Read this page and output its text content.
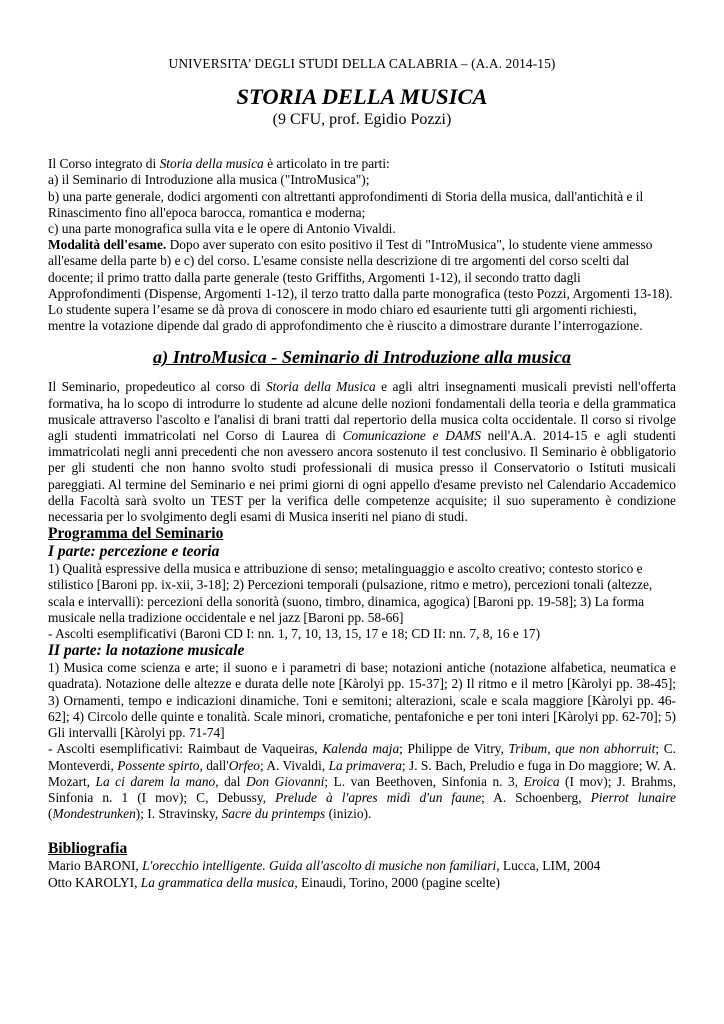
UNIVERSITA’ DEGLI STUDI DELLA CALABRIA – (A.A. 2014-15)

STORIA DELLA MUSICA

(9 CFU, prof. Egidio Pozzi)

Il Corso integrato di Storia della musica è articolato in tre parti:

a) il Seminario di Introduzione alla musica ("IntroMusica");

b) una parte generale, dodici argomenti con altrettanti approfondimenti di Storia della musica, dall'antichità e il Rinascimento fino all'epoca barocca, romantica e moderna;

c) una parte monografica sulla vita e le opere di Antonio Vivaldi.

Modalità dell'esame. Dopo aver superato con esito positivo il Test di "IntroMusica", lo studente viene ammesso all'esame della parte b) e c) del corso. L'esame consiste nella descrizione di tre argomenti del corso scelti dal docente; il primo tratto dalla parte generale (testo Griffiths, Argomenti 1-12), il secondo tratto dagli Approfondimenti (Dispense, Argomenti 1-12), il terzo tratto dalla parte monografica (testo Pozzi, Argomenti 13-18). Lo studente supera l’esame se dà prova di conoscere in modo chiaro ed esauriente tutti gli argomenti richiesti, mentre la votazione dipende dal grado di approfondimento che è riuscito a dimostrare durante l’interrogazione.

a) IntroMusica - Seminario di Introduzione alla musica

Il Seminario, propedeutico al corso di Storia della Musica e agli altri insegnamenti musicali previsti nell'offerta formativa, ha lo scopo di introdurre lo studente ad alcune delle nozioni fondamentali della teoria e della grammatica musicale attraverso l'ascolto e l'analisi di brani tratti dal repertorio della musica colta occidentale. Il corso si rivolge agli studenti immatricolati nel Corso di Laurea di Comunicazione e DAMS nell'A.A. 2014-15 e agli studenti immatricolati negli anni precedenti che non avessero ancora sostenuto il test conclusivo. Il Seminario è obbligatorio per gli studenti che non hanno svolto studi professionali di musica presso il Conservatorio o Istituti musicali pareggiati. Al termine del Seminario e nei primi giorni di ogni appello d'esame previsto nel Calendario Accademico della Facoltà sarà svolto un TEST per la verifica delle competenze acquisite; il suo superamento è condizione necessaria per lo svolgimento degli esami di Musica inseriti nel piano di studi.

Programma del Seminario

I parte: percezione e teoria

1) Qualità espressive della musica e attribuzione di senso; metalinguaggio e ascolto creativo; contesto storico e stilistico [Baroni pp. ix-xii, 3-18]; 2) Percezioni temporali (pulsazione, ritmo e metro), percezioni tonali (altezze, scala e intervalli): percezioni della sonorità (suono, timbro, dinamica, agogica) [Baroni pp. 19-58]; 3) La forma musicale nella tradizione occidentale e nel jazz [Baroni pp. 58-66]

- Ascolti esemplificativi (Baroni CD I: nn. 1, 7, 10, 13, 15, 17 e 18; CD II: nn. 7, 8, 16 e 17)

II parte: la notazione musicale

1) Musica come scienza e arte; il suono e i parametri di base; notazioni antiche (notazione alfabetica, neumatica e quadrata). Notazione delle altezze e durata delle note [Kàrolyi pp. 15-37]; 2) Il ritmo e il metro [Kàrolyi pp. 38-45]; 3) Ornamenti, tempo e indicazioni dinamiche. Toni e semitoni; alterazioni, scale e scala maggiore [Kàrolyi pp. 46-62]; 4) Circolo delle quinte e tonalità. Scale minori, cromatiche, pentafoniche e per toni interi [Kàrolyi pp. 62-70]; 5) Gli intervalli [Kàrolyi pp. 71-74]

- Ascolti esemplificativi: Raimbaut de Vaqueiras, Kalenda maja; Philippe de Vitry, Tribum, que non abhorruit; C. Monteverdi, Possente spirto, dall'Orfeo; A. Vivaldi, La primavera; J. S. Bach, Preludio e fuga in Do maggiore; W. A. Mozart, La ci darem la mano, dal Don Giovanni; L. van Beethoven, Sinfonia n. 3, Eroica (I mov); J. Brahms, Sinfonia n. 1 (I mov); C, Debussy, Prelude à l'apres midì d'un faune; A. Schoenberg, Pierrot lunaire (Mondestrunken); I. Stravinsky, Sacre du printemps (inizio).

Bibliografia

Mario BARONI, L'orecchio intelligente. Guida all'ascolto di musiche non familiari, Lucca, LIM, 2004

Otto KAROLYI, La grammatica della musica, Einaudi, Torino, 2000 (pagine scelte)
